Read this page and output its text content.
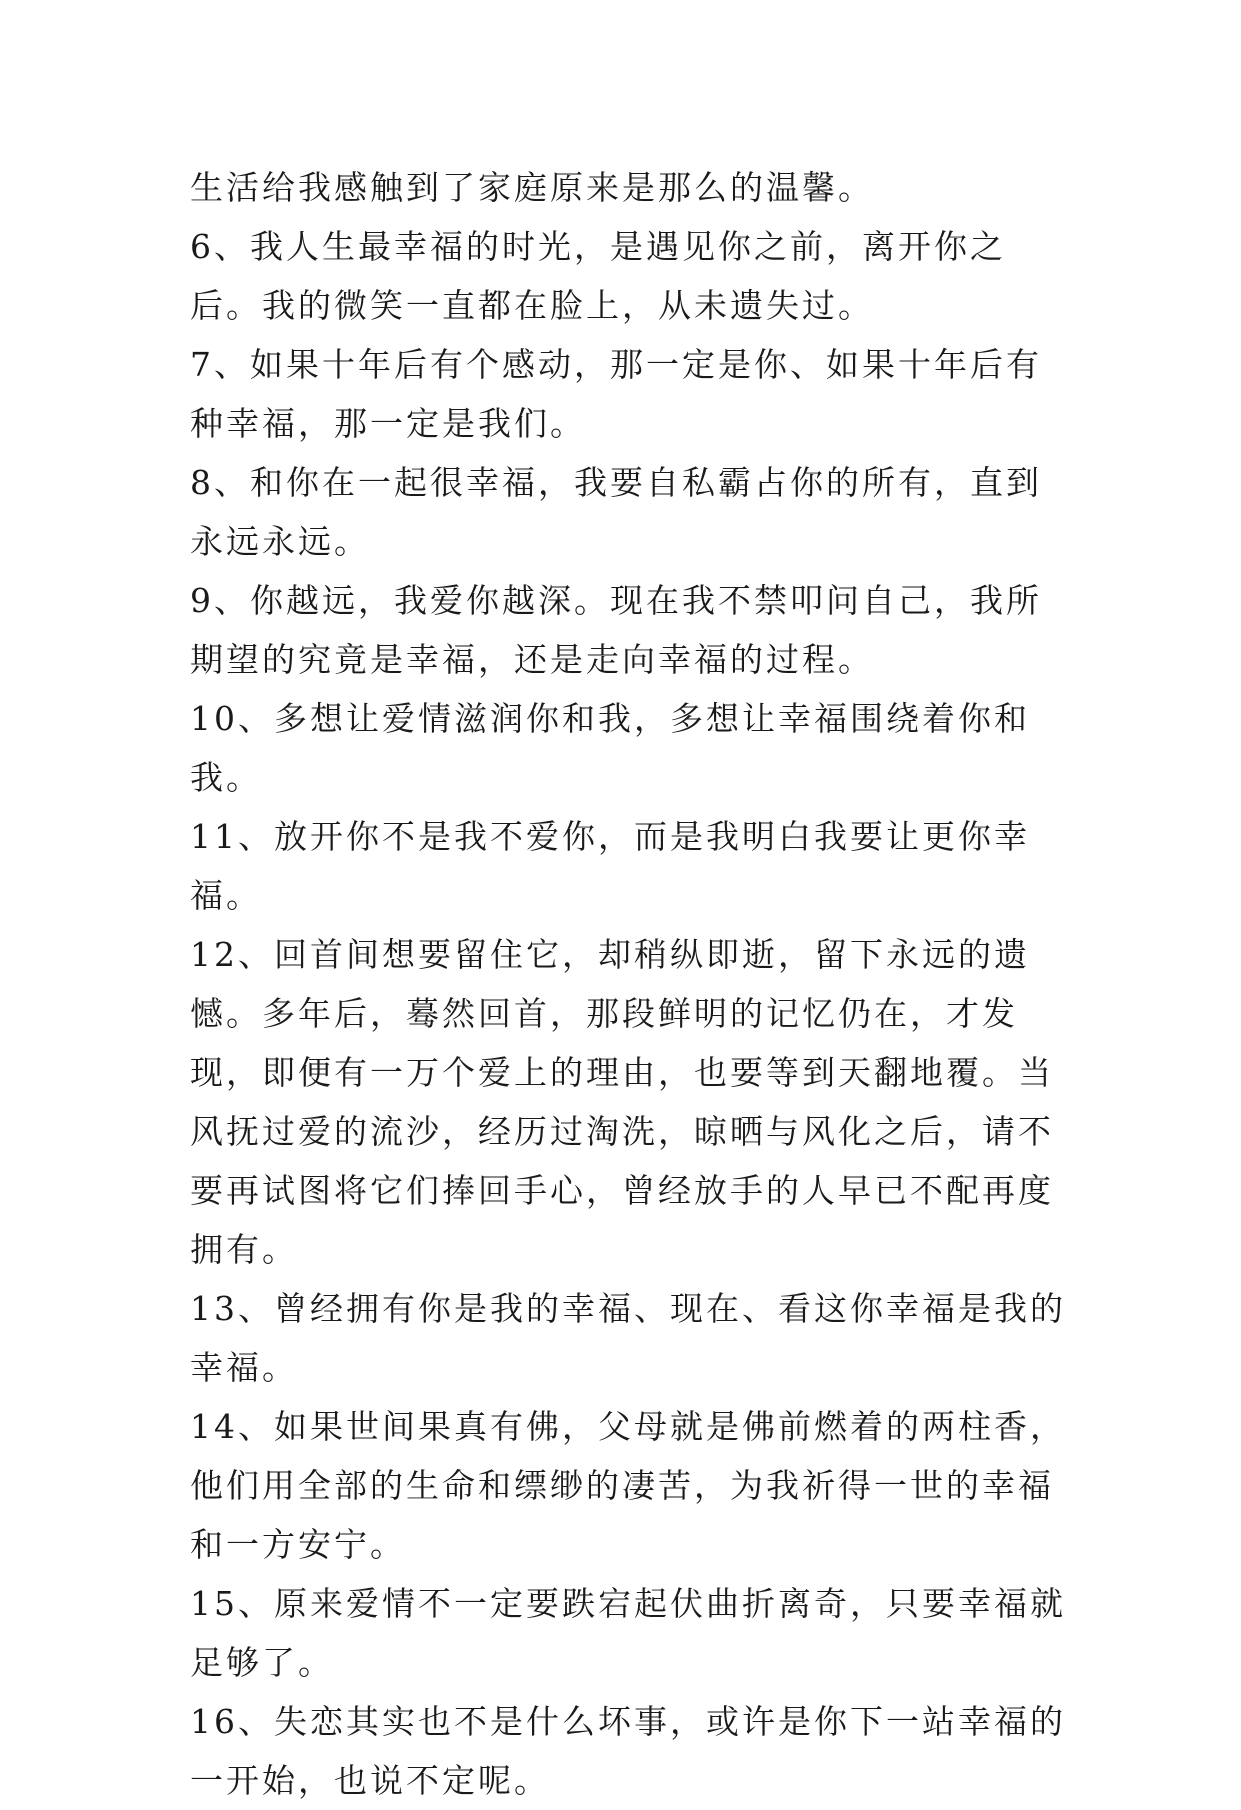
生活给我感触到了家庭原来是那么的温馨。

6、我人生最幸福的时光，是遇见你之前，离开你之后。我的微笑一直都在脸上，从未遗失过。

7、如果十年后有个感动，那一定是你、如果十年后有种幸福，那一定是我们。

8、和你在一起很幸福，我要自私霸占你的所有，直到永远永远。

9、你越远，我爱你越深。现在我不禁叩问自己，我所期望的究竟是幸福，还是走向幸福的过程。

10、多想让爱情滋润你和我，多想让幸福围绕着你和我。

11、放开你不是我不爱你，而是我明白我要让更你幸福。

12、回首间想要留住它，却稍纵即逝，留下永远的遗憾。多年后，蓦然回首，那段鲜明的记忆仍在，才发现，即便有一万个爱上的理由，也要等到天翻地覆。当风抚过爱的流沙，经历过淘洗，晾晒与风化之后，请不要再试图将它们捧回手心，曾经放手的人早已不配再度拥有。

13、曾经拥有你是我的幸福、现在、看这你幸福是我的幸福。

14、如果世间果真有佛，父母就是佛前燃着的两柱香，他们用全部的生命和缥缈的凄苦，为我祈得一世的幸福和一方安宁。

15、原来爱情不一定要跌宕起伏曲折离奇，只要幸福就足够了。

16、失恋其实也不是什么坏事，或许是你下一站幸福的一开始，也说不定呢。
